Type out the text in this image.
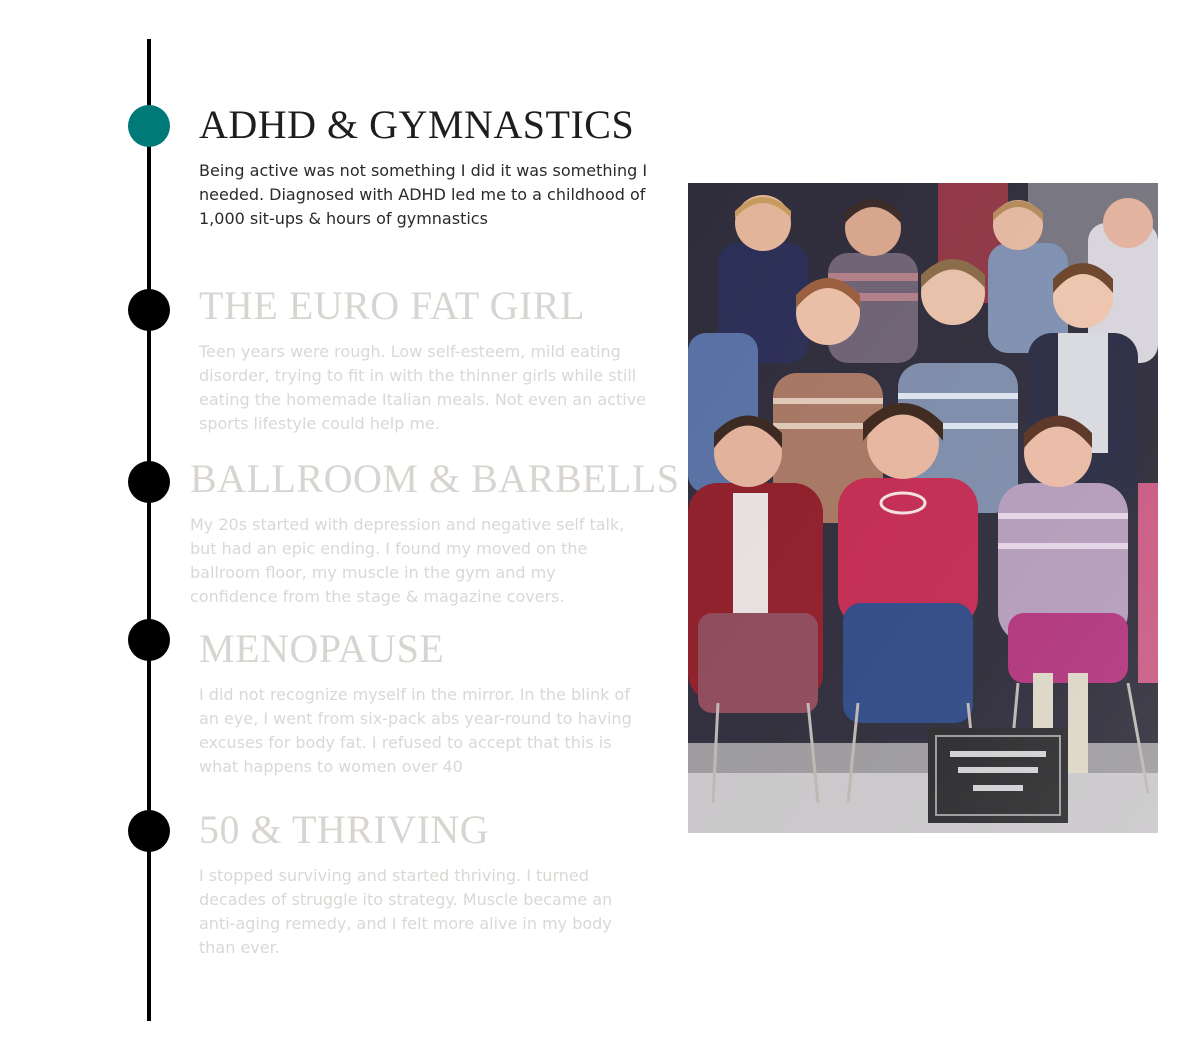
ADHD & GYMNASTICS

Being active was not something I did it was something I needed. Diagnosed with ADHD led me to a childhood of 1,000 sit-ups & hours of gymnastics

THE EURO FAT GIRL

Teen years were rough. Low self-esteem, mild eating disorder, trying to fit in with the thinner girls while still eating the homemade Italian meals. Not even an active sports lifestyle could help me.

BALLROOM & BARBELLS

My 20s started with depression and negative self talk, but had an epic ending. I found my moved on the ballroom floor, my muscle in the gym and my confidence from the stage & magazine covers.

MENOPAUSE

I did not recognize myself in the mirror. In the blink of an eye, I went from six-pack abs year-round to having excuses for body fat. I refused to accept that this is what happens to women over 40

50 & THRIVING

I stopped surviving and started thriving. I turned decades of struggle ito strategy. Muscle became an anti-aging remedy, and I felt more alive in my body than ever.
